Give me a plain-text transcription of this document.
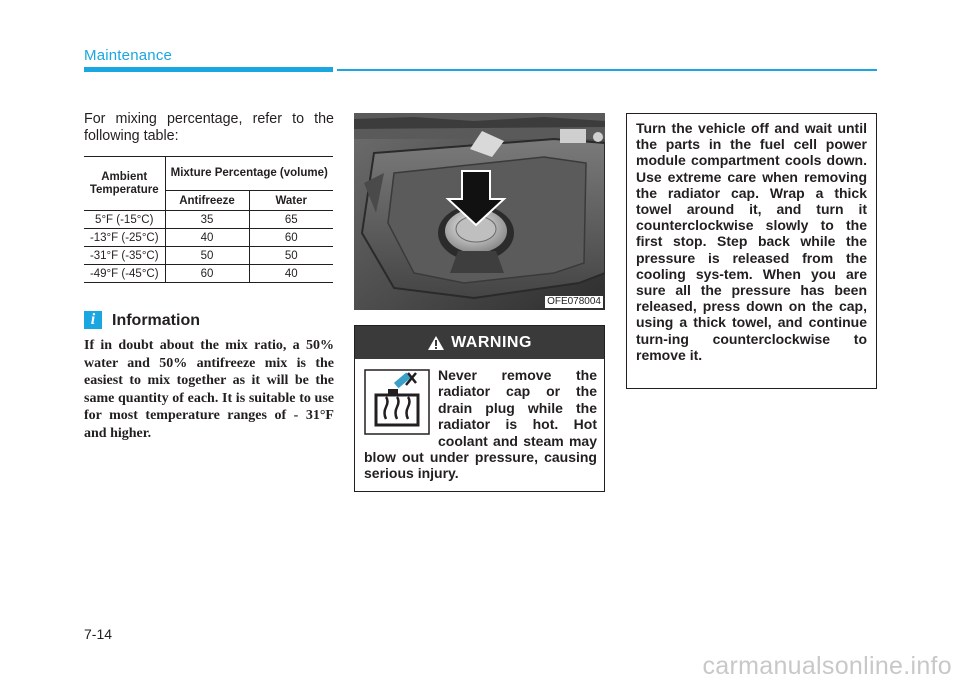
Maintenance

For mixing percentage, refer to the following table:

Ambient Temperature	Mixture Percentage (volume)	
	Antifreeze	Water
5°F (-15°C)	35	65
-13°F (-25°C)	40	60
-31°F (-35°C)	50	50
-49°F (-45°C)	60	40
i	Information

If in doubt about the mix ratio, a 50% water and 50% antifreeze mix is the easiest to mix together as it will be the same quantity of each. It is suitable to use for most temperature ranges of - 31°F and higher.

OFE078004
WARNING

Never remove the radiator cap or the drain plug while the radiator is hot. Hot coolant and steam may blow out under pressure, causing serious injury.

Turn the vehicle off and wait until the parts in the fuel cell power module compartment cools down. Use extreme care when removing the radiator cap. Wrap a thick towel around it, and turn it counterclockwise slowly to the first stop. Step back while the pressure is released from the cooling sys-tem. When you are sure all the pressure has been released, press down on the cap, using a thick towel, and continue turn-ing counterclockwise to remove it.

7-14
carmanualsonline.info
